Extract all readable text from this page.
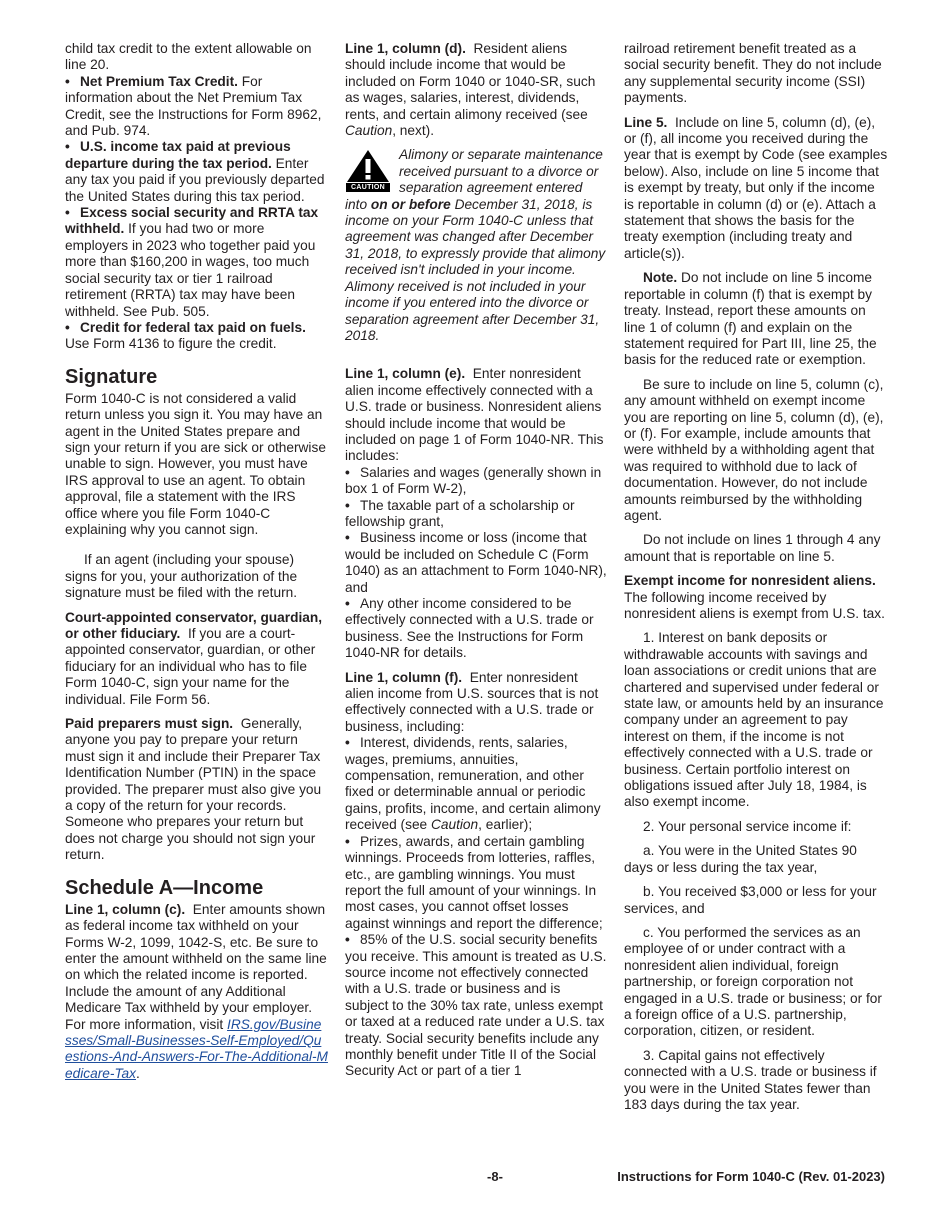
child tax credit to the extent allowable on line 20.

• Net Premium Tax Credit. For information about the Net Premium Tax Credit, see the Instructions for Form 8962, and Pub. 974.

• U.S. income tax paid at previous departure during the tax period. Enter any tax you paid if you previously departed the United States during this tax period.

• Excess social security and RRTA tax withheld. If you had two or more employers in 2023 who together paid you more than $160,200 in wages, too much social security tax or tier 1 railroad retirement (RRTA) tax may have been withheld. See Pub. 505.

• Credit for federal tax paid on fuels. Use Form 4136 to figure the credit.

Signature

Form 1040-C is not considered a valid return unless you sign it. You may have an agent in the United States prepare and sign your return if you are sick or otherwise unable to sign. However, you must have IRS approval to use an agent. To obtain approval, file a statement with the IRS office where you file Form 1040-C explaining why you cannot sign.

If an agent (including your spouse) signs for you, your authorization of the signature must be filed with the return.

Court-appointed conservator, guardian, or other fiduciary. If you are a court-appointed conservator, guardian, or other fiduciary for an individual who has to file Form 1040-C, sign your name for the individual. File Form 56.

Paid preparers must sign. Generally, anyone you pay to prepare your return must sign it and include their Preparer Tax Identification Number (PTIN) in the space provided. The preparer must also give you a copy of the return for your records. Someone who prepares your return but does not charge you should not sign your return.

Schedule A—Income

Line 1, column (c). Enter amounts shown as federal income tax withheld on your Forms W-2, 1099, 1042-S, etc. Be sure to enter the amount withheld on the same line on which the related income is reported. Include the amount of any Additional Medicare Tax withheld by your employer. For more information, visit IRS.gov/Businesses/Small-Businesses-Self-Employed/Questions-And-Answers-For-The-Additional-Medicare-Tax.

Line 1, column (d). Resident aliens should include income that would be included on Form 1040 or 1040-SR, such as wages, salaries, interest, dividends, rents, and certain alimony received (see Caution, next).

CAUTION
Alimony or separate maintenance received pursuant to a divorce or separation agreement entered into on or before December 31, 2018, is income on your Form 1040-C unless that agreement was changed after December 31, 2018, to expressly provide that alimony received isn't included in your income. Alimony received is not included in your income if you entered into the divorce or separation agreement after December 31, 2018.

Line 1, column (e). Enter nonresident alien income effectively connected with a U.S. trade or business. Nonresident aliens should include income that would be included on page 1 of Form 1040-NR. This includes:

• Salaries and wages (generally shown in box 1 of Form W-2),

• The taxable part of a scholarship or fellowship grant,

• Business income or loss (income that would be included on Schedule C (Form 1040) as an attachment to Form 1040-NR), and

• Any other income considered to be effectively connected with a U.S. trade or business. See the Instructions for Form 1040-NR for details.

Line 1, column (f). Enter nonresident alien income from U.S. sources that is not effectively connected with a U.S. trade or business, including:

• Interest, dividends, rents, salaries, wages, premiums, annuities, compensation, remuneration, and other fixed or determinable annual or periodic gains, profits, income, and certain alimony received (see Caution, earlier);

• Prizes, awards, and certain gambling winnings. Proceeds from lotteries, raffles, etc., are gambling winnings. You must report the full amount of your winnings. In most cases, you cannot offset losses against winnings and report the difference;

• 85% of the U.S. social security benefits you receive. This amount is treated as U.S. source income not effectively connected with a U.S. trade or business and is subject to the 30% tax rate, unless exempt or taxed at a reduced rate under a U.S. tax treaty. Social security benefits include any monthly benefit under Title II of the Social Security Act or part of a tier 1

railroad retirement benefit treated as a social security benefit. They do not include any supplemental security income (SSI) payments.

Line 5. Include on line 5, column (d), (e), or (f), all income you received during the year that is exempt by Code (see examples below). Also, include on line 5 income that is exempt by treaty, but only if the income is reportable in column (d) or (e). Attach a statement that shows the basis for the treaty exemption (including treaty and article(s)).

Note. Do not include on line 5 income reportable in column (f) that is exempt by treaty. Instead, report these amounts on line 1 of column (f) and explain on the statement required for Part III, line 25, the basis for the reduced rate or exemption.

Be sure to include on line 5, column (c), any amount withheld on exempt income you are reporting on line 5, column (d), (e), or (f). For example, include amounts that were withheld by a withholding agent that was required to withhold due to lack of documentation. However, do not include amounts reimbursed by the withholding agent.

Do not include on lines 1 through 4 any amount that is reportable on line 5.

Exempt income for nonresident aliens.  The following income received by nonresident aliens is exempt from U.S. tax.

1. Interest on bank deposits or withdrawable accounts with savings and loan associations or credit unions that are chartered and supervised under federal or state law, or amounts held by an insurance company under an agreement to pay interest on them, if the income is not effectively connected with a U.S. trade or business. Certain portfolio interest on obligations issued after July 18, 1984, is also exempt income.

2. Your personal service income if:

a. You were in the United States 90 days or less during the tax year,

b. You received $3,000 or less for your services, and

c. You performed the services as an employee of or under contract with a nonresident alien individual, foreign partnership, or foreign corporation not engaged in a U.S. trade or business; or for a foreign office of a U.S. partnership, corporation, citizen, or resident.

3. Capital gains not effectively connected with a U.S. trade or business if you were in the United States fewer than 183 days during the tax year.

-8-	Instructions for Form 1040-C (Rev. 01-2023)
